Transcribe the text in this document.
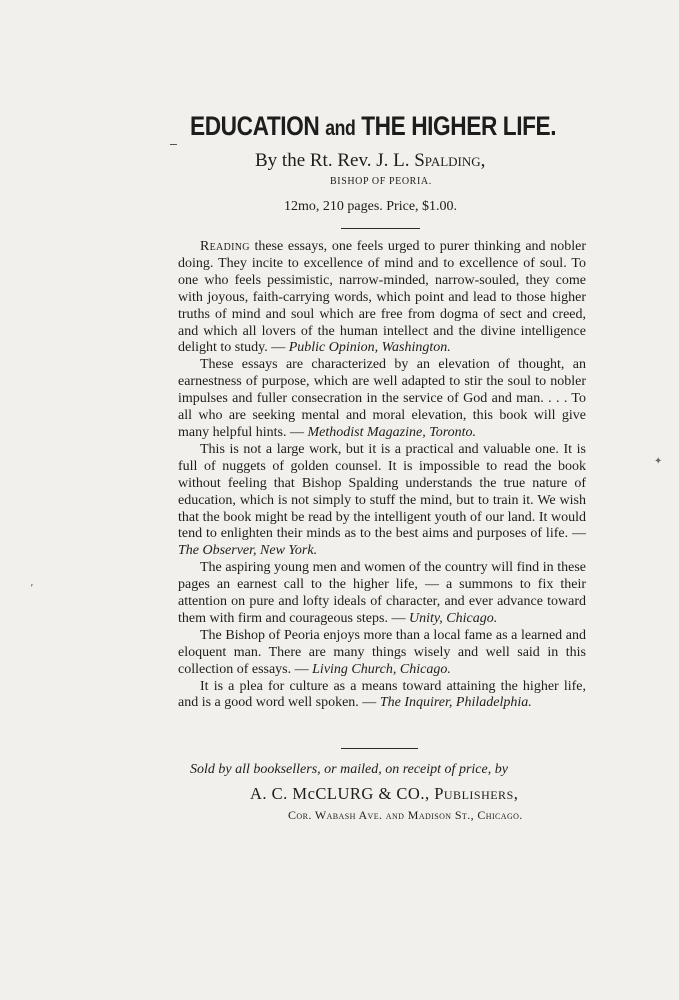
EDUCATION and THE HIGHER LIFE.
By the Rt. Rev. J. L. Spalding,
BISHOP OF PEORIA.
12mo, 210 pages. Price, $1.00.

Reading these essays, one feels urged to purer thinking and nobler doing. They incite to excellence of mind and to excellence of soul. To one who feels pessimistic, narrow-minded, narrow-souled, they come with joyous, faith-carrying words, which point and lead to those higher truths of mind and soul which are free from dogma of sect and creed, and which all lovers of the human intellect and the divine intelligence delight to study. — Public Opinion, Washington.

These essays are characterized by an elevation of thought, an earnestness of purpose, which are well adapted to stir the soul to nobler impulses and fuller consecration in the service of God and man. . . . To all who are seeking mental and moral elevation, this book will give many helpful hints. — Methodist Magazine, Toronto.

This is not a large work, but it is a practical and valuable one. It is full of nuggets of golden counsel. It is impossible to read the book without feeling that Bishop Spalding understands the true nature of education, which is not simply to stuff the mind, but to train it. We wish that the book might be read by the intelligent youth of our land. It would tend to enlighten their minds as to the best aims and purposes of life. — The Observer, New York.

The aspiring young men and women of the country will find in these pages an earnest call to the higher life, — a summons to fix their attention on pure and lofty ideals of character, and ever advance toward them with firm and courageous steps. — Unity, Chicago.

The Bishop of Peoria enjoys more than a local fame as a learned and eloquent man. There are many things wisely and well said in this collection of essays. — Living Church, Chicago.

It is a plea for culture as a means toward attaining the higher life, and is a good word well spoken. — The Inquirer, Philadelphia.

Sold by all booksellers, or mailed, on receipt of price, by
A. C. McCLURG & CO., Publishers,
Cor. Wabash Ave. and Madison St., Chicago.
✦
’
